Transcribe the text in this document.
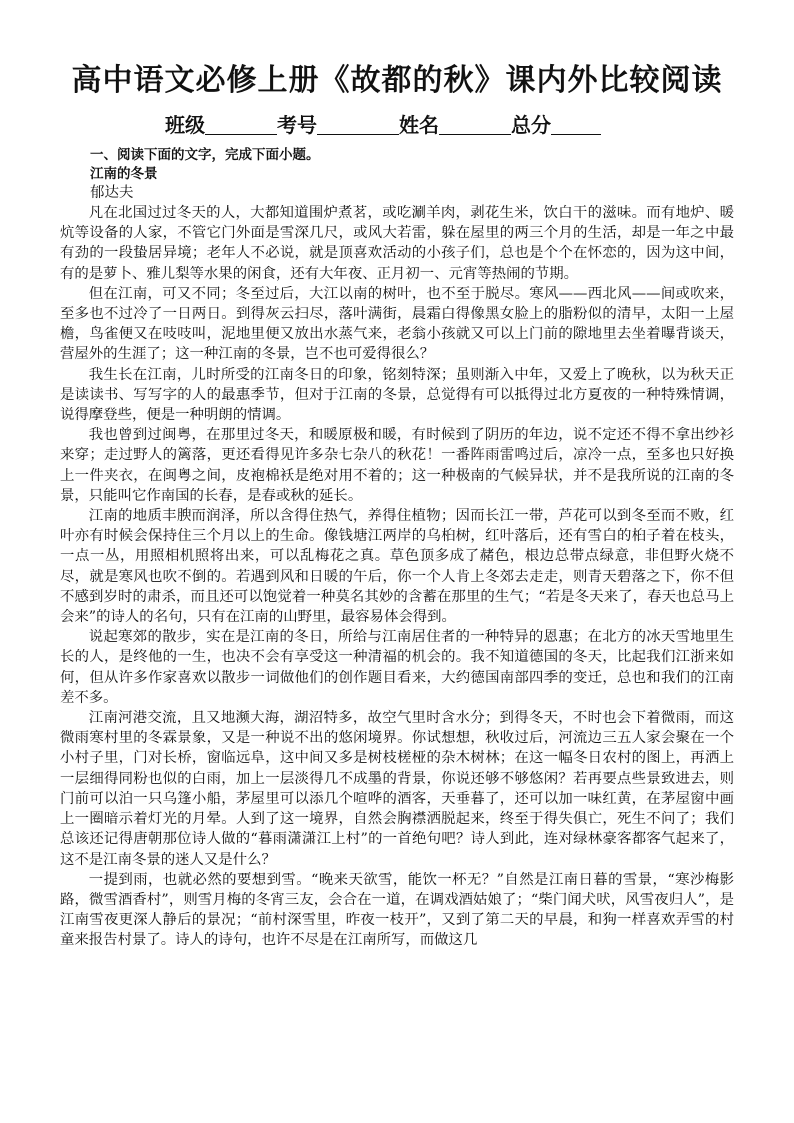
高中语文必修上册《故都的秋》课内外比较阅读
班级	考号	姓名	总分
一、阅读下面的文字，完成下面小题。
江南的冬景
郁达夫

凡在北国过过冬天的人，大都知道围炉煮茗，或吃涮羊肉，剥花生米，饮白干的滋味。而有地炉、暖炕等设备的人家，不管它门外面是雪深几尺，或风大若雷，躲在屋里的两三个月的生活，却是一年之中最有劲的一段蛰居异境；老年人不必说，就是顶喜欢活动的小孩子们，总也是个个在怀恋的，因为这中间，有的是萝卜、雅儿梨等水果的闲食，还有大年夜、正月初一、元宵等热闹的节期。

但在江南，可又不同；冬至过后，大江以南的树叶，也不至于脱尽。寒风——西北风——间或吹来，至多也不过冷了一日两日。到得灰云扫尽，落叶满街，晨霜白得像黑女脸上的脂粉似的清早，太阳一上屋檐，鸟雀便又在吱吱叫，泥地里便又放出水蒸气来，老翁小孩就又可以上门前的隙地里去坐着曝背谈天，营屋外的生涯了；这一种江南的冬景，岂不也可爱得很么？

我生长在江南，儿时所受的江南冬日的印象，铭刻特深；虽则渐入中年，又爱上了晚秋，以为秋天正是读读书、写写字的人的最惠季节，但对于江南的冬景，总觉得有可以抵得过北方夏夜的一种特殊情调，说得摩登些，便是一种明朗的情调。

我也曾到过闽粤，在那里过冬天，和暖原极和暖，有时候到了阴历的年边，说不定还不得不拿出纱衫来穿；走过野人的篱落，更还看得见许多杂七杂八的秋花！一番阵雨雷鸣过后，凉冷一点，至多也只好换上一件夹衣，在闽粤之间，皮袍棉袄是绝对用不着的；这一种极南的气候异状，并不是我所说的江南的冬景，只能叫它作南国的长春，是春或秋的延长。

江南的地质丰腴而润泽，所以含得住热气，养得住植物；因而长江一带，芦花可以到冬至而不败，红叶亦有时候会保持住三个月以上的生命。像钱塘江两岸的乌桕树，红叶落后，还有雪白的桕子着在枝头，一点一丛，用照相机照将出来，可以乱梅花之真。草色顶多成了赭色，根边总带点绿意，非但野火烧不尽，就是寒风也吹不倒的。若遇到风和日暖的午后，你一个人肯上冬郊去走走，则青天碧落之下，你不但不感到岁时的肃杀，而且还可以饱觉着一种莫名其妙的含蓄在那里的生气；“若是冬天来了，春天也总马上会来”的诗人的名句，只有在江南的山野里，最容易体会得到。

说起寒郊的散步，实在是江南的冬日，所给与江南居住者的一种特异的恩惠；在北方的冰天雪地里生长的人，是终他的一生，也决不会有享受这一种清福的机会的。我不知道德国的冬天，比起我们江浙来如何，但从许多作家喜欢以散步一词做他们的创作题目看来，大约德国南部四季的变迁，总也和我们的江南差不多。

江南河港交流，且又地濒大海，湖沼特多，故空气里时含水分；到得冬天，不时也会下着微雨，而这微雨寒村里的冬霖景象，又是一种说不出的悠闲境界。你试想想，秋收过后，河流边三五人家会聚在一个小村子里，门对长桥，窗临远阜，这中间又多是树枝槎桠的杂木树林；在这一幅冬日农村的图上，再洒上一层细得同粉也似的白雨，加上一层淡得几不成墨的背景，你说还够不够悠闲？若再要点些景致进去，则门前可以泊一只乌篷小船，茅屋里可以添几个喧哗的酒客，天垂暮了，还可以加一味红黄，在茅屋窗中画上一圈暗示着灯光的月晕。人到了这一境界，自然会胸襟洒脱起来，终至于得失俱亡，死生不问了；我们总该还记得唐朝那位诗人做的“暮雨潇潇江上村”的一首绝句吧？诗人到此，连对绿林豪客都客气起来了，这不是江南冬景的迷人又是什么？

一提到雨，也就必然的要想到雪。“晚来天欲雪，能饮一杯无？”自然是江南日暮的雪景，“寒沙梅影路，微雪酒香村”，则雪月梅的冬宵三友，会合在一道，在调戏酒姑娘了；“柴门闻犬吠，风雪夜归人”，是江南雪夜更深人静后的景况；“前村深雪里，昨夜一枝开”，又到了第二天的早晨，和狗一样喜欢弄雪的村童来报告村景了。诗人的诗句，也许不尽是在江南所写，而做这几
